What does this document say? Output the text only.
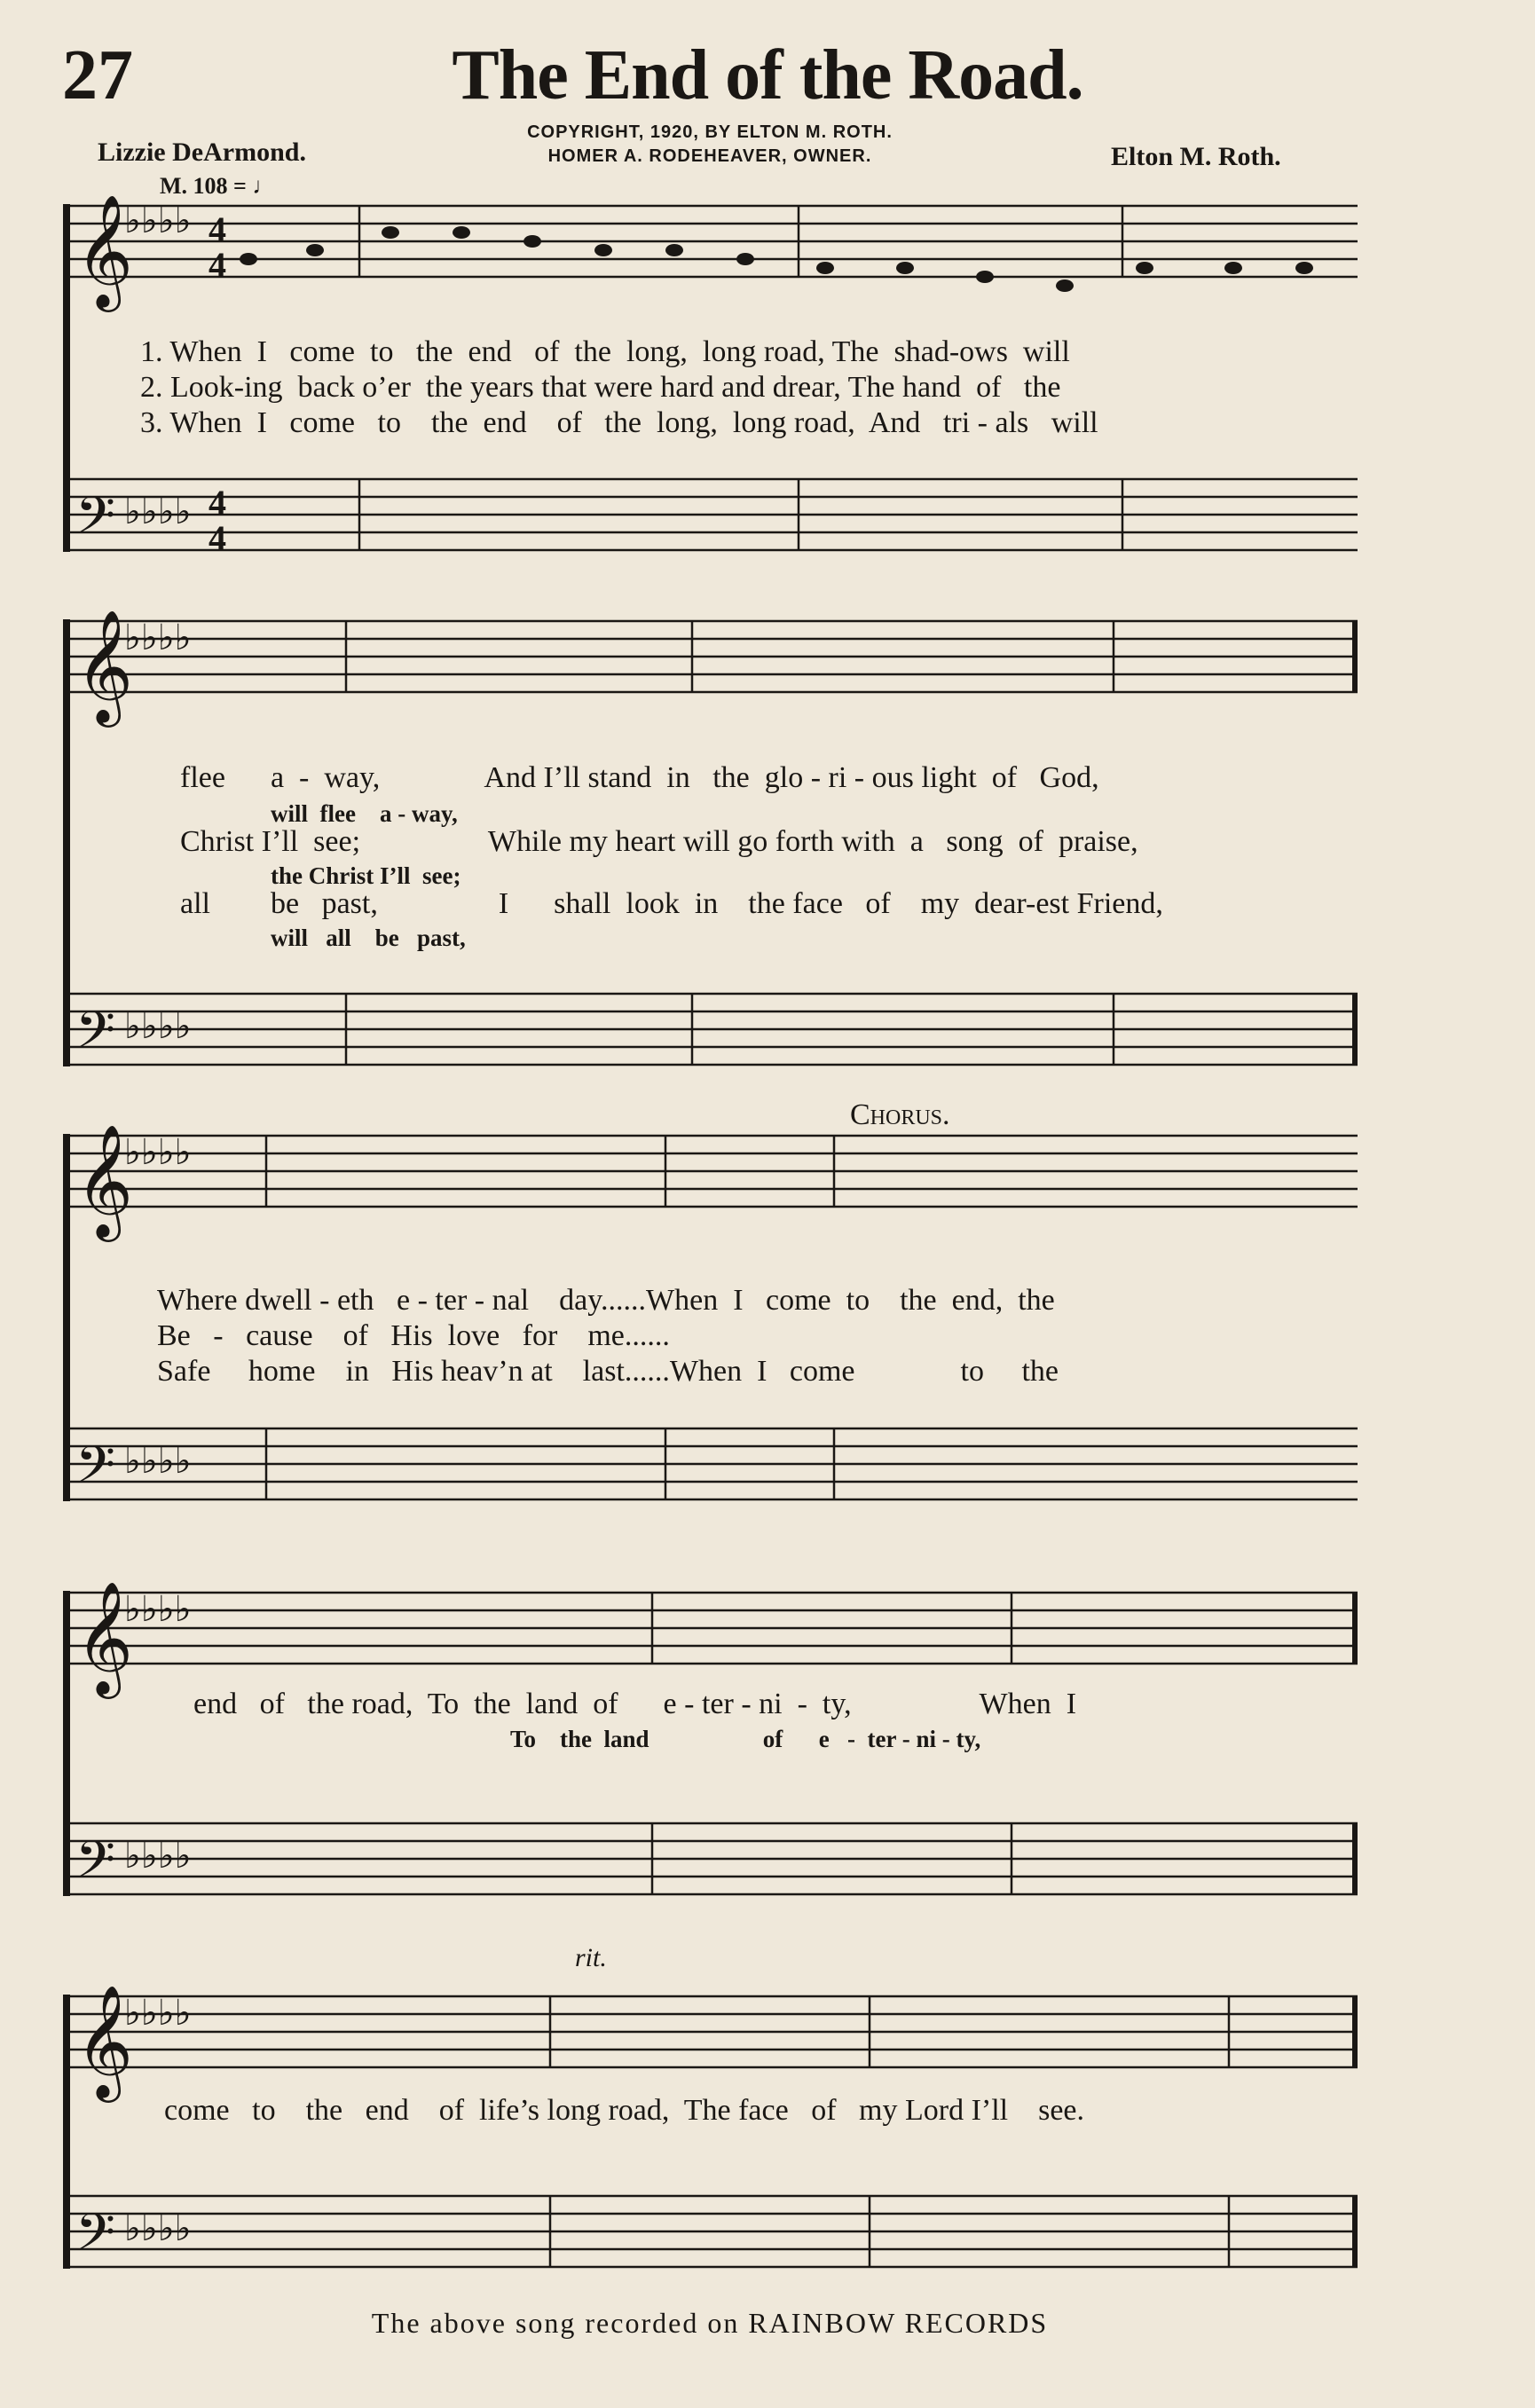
27	The End of the Road.
COPYRIGHT, 1920, BY ELTON M. ROTH.
HOMER A. RODEHEAVER, OWNER.
Lizzie DeArmond.	Elton M. Roth.
M. 108 = ♩
𝄞
𝄢
𝄞
𝄢
𝄞
𝄢
𝄞
𝄢
𝄞
𝄢
♭♭♭♭
♭♭♭♭
♭♭♭♭
♭♭♭♭
♭♭♭♭
♭♭♭♭
♭♭♭♭
♭♭♭♭
♭♭♭♭
♭♭♭♭
4
4
4
4
1. When  I   come  to   the  end   of  the  long,  long road, The  shad-ows  will
2. Look-ing  back o’er  the years that were hard and drear, The hand  of   the
3. When  I   come   to    the  end    of   the  long,  long road,  And   tri - als   will
flee      a  -  way,              And I’ll stand  in   the  glo - ri - ous light  of   God,
will  flee    a - way,
Christ I’ll  see;                 While my heart will go forth with  a   song  of  praise,
the Christ I’ll  see;
all        be   past,                I      shall  look  in    the face   of    my  dear-est Friend,
will   all    be   past,
Chorus.
Where dwell - eth   e - ter - nal    day......When  I   come  to    the  end,  the
Be   -   cause    of   His  love   for    me......
Safe     home    in   His heav’n at    last......When  I   come              to     the
end   of   the road,  To  the  land  of      e - ter - ni  -  ty,                 When  I
To    the  land                   of      e   -  ter - ni - ty,
rit.
come   to    the   end    of  life’s long road,  The face   of   my Lord I’ll    see.
The above song recorded on RAINBOW RECORDS
